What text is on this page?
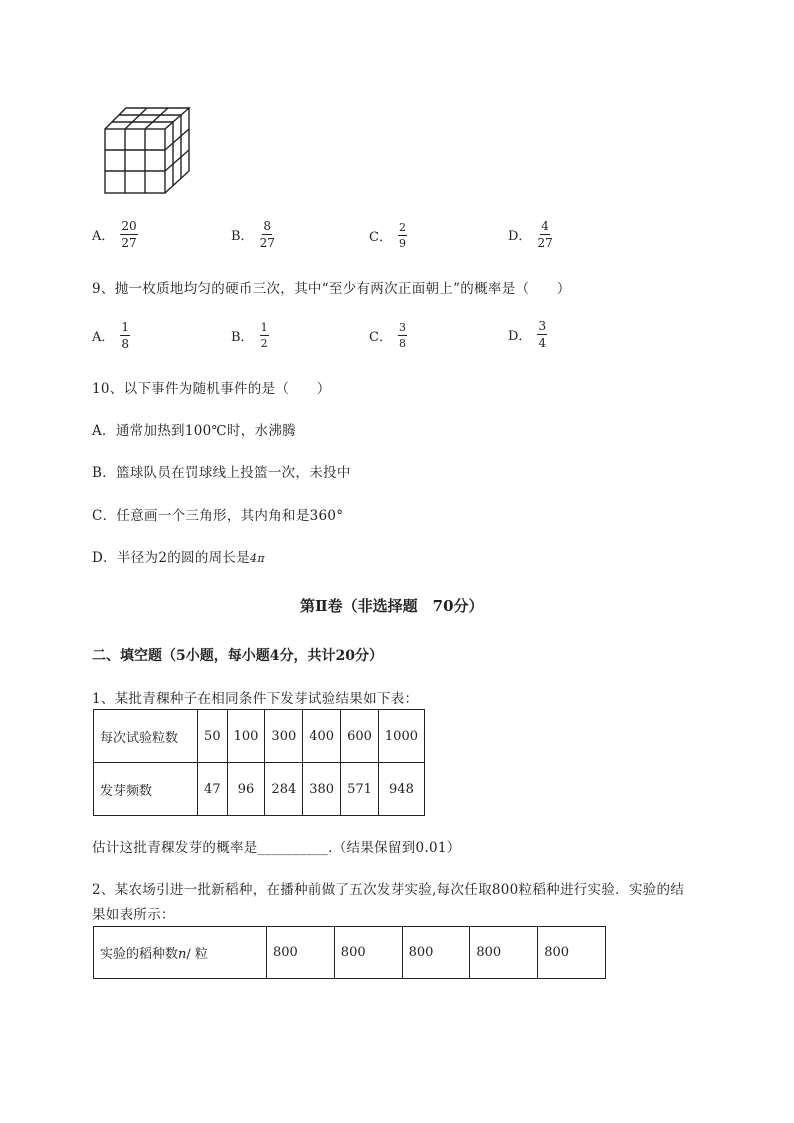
A． $\frac{20}{27}$	B． $\frac{8}{27}$	C． $\frac{2}{9}$	D． $\frac{4}{27}$
9、抛一枚质地均匀的硬币三次，其中“至少有两次正面朝上”的概率是（　　）
A． $\frac{1}{8}$	B． $\frac{1}{2}$	C． $\frac{3}{8}$	D． $\frac{3}{4}$
10、以下事件为随机事件的是（　　）
A．通常加热到100℃时，水沸腾
B．篮球队员在罚球线上投篮一次，未投中
C．任意画一个三角形，其内角和是360°
D．半径为2的圆的周长是4π
第Ⅱ卷（非选择题　70分）
二、填空题（5小题，每小题4分，共计20分）
1、某批青稞种子在相同条件下发芽试验结果如下表：
每次试验粒数	50	100	300	400	600	1000
发芽频数	47	96	284	380	571	948
估计这批青稞发芽的概率是__________.（结果保留到0.01）
2、某农场引进一批新稻种，在播种前做了五次发芽实验,每次任取800粒稻种进行实验．实验的结
果如表所示：
实验的稻种数n/ 粒	800	800	800	800	800
